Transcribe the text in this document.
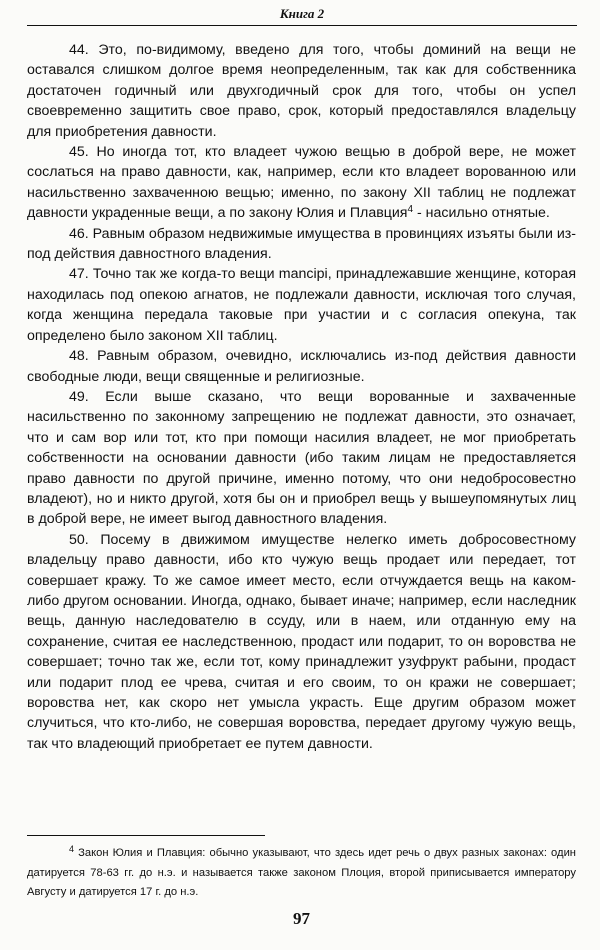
Книга 2

44. Это, по-видимому, введено для того, чтобы доминий на вещи не оставался слишком долгое время неопределенным, так как для собственника достаточен годичный или двухгодичный срок для того, чтобы он успел своевременно защитить свое право, срок, который предоставлялся владельцу для приобретения давности.

45. Но иногда тот, кто владеет чужою вещью в доброй вере, не может сослаться на право давности, как, например, если кто владеет ворованною или насильственно захваченною вещью; именно, по закону XII таблиц не подлежат давности украденные вещи, а по закону Юлия и Плавция$^4$ - насильно отнятые.

46. Равным образом недвижимые имущества в провинциях изъяты были из-под действия давностного владения.

47. Точно так же когда-то вещи mancipi, принадлежавшие женщине, которая находилась под опекою агнатов, не подлежали давности, исключая того случая, когда женщина передала таковые при участии и с согласия опекуна, так определено было законом XII таблиц.

48. Равным образом, очевидно, исключались из-под действия давности свободные люди, вещи священные и религиозные.

49. Если выше сказано, что вещи ворованные и захваченные насильственно по законному запрещению не подлежат давности, это означает, что и сам вор или тот, кто при помощи насилия владеет, не мог приобретать собственности на основании давности (ибо таким лицам не предоставляется право давности по другой причине, именно потому, что они недобросовестно владеют), но и никто другой, хотя бы он и приобрел вещь у вышеупомянутых лиц в доброй вере, не имеет выгод давностного владения.

50. Посему в движимом имуществе нелегко иметь добросовестному владельцу право давности, ибо кто чужую вещь продает или передает, тот совершает кражу. То же самое имеет место, если отчуждается вещь на каком-либо другом основании. Иногда, однако, бывает иначе; например, если наследник вещь, данную наследователю в ссуду, или в наем, или отданную ему на сохранение, считая ее наследственною, продаст или подарит, то он воровства не совершает; точно так же, если тот, кому принадлежит узуфрукт рабыни, продаст или подарит плод ее чрева, считая и его своим, то он кражи не совершает; воровства нет, как скоро нет умысла украсть. Еще другим образом может случиться, что кто-либо, не совершая воровства, передает другому чужую вещь, так что владеющий приобретает ее путем давности.

$^4$ Закон Юлия и Плавция: обычно указывают, что здесь идет речь о двух разных законах: один датируется 78-63 гг. до н.э. и называется также законом Плоция, второй приписывается императору Августу и датируется 17 г. до н.э.

97
